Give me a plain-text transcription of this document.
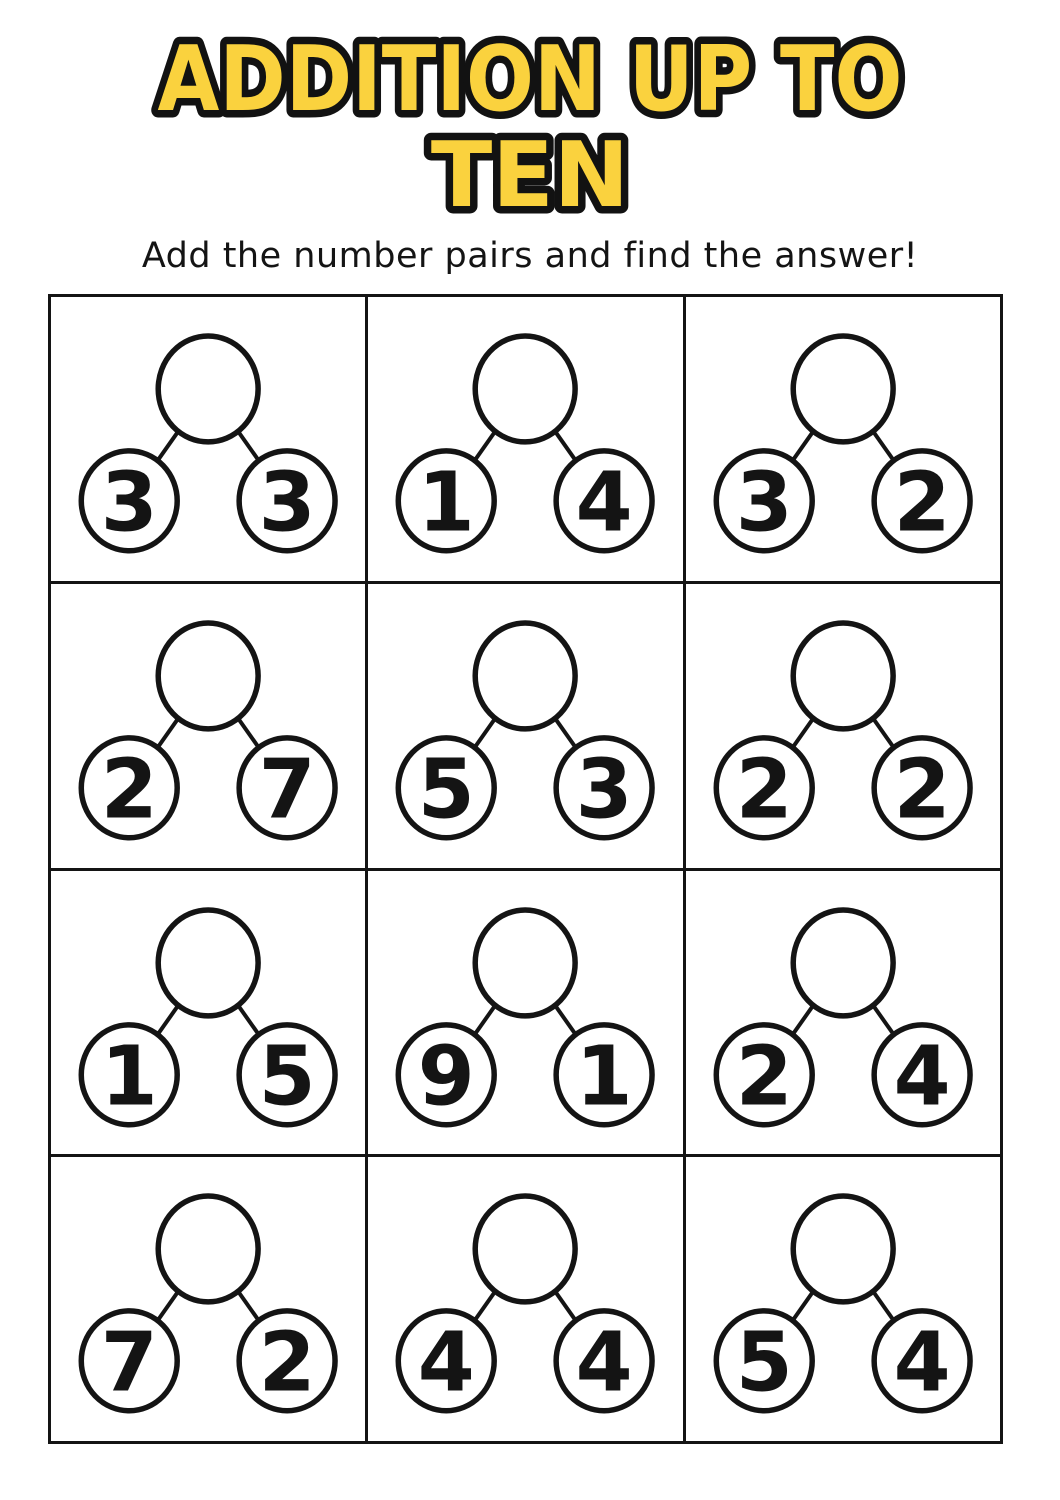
ADDITION UP TO
TEN
Add the number pairs and find the answer!
3 3 1 4 3 2
2 7 5 3 2 2
1 5 9 1 2 4
7 2 4 4 5 4
